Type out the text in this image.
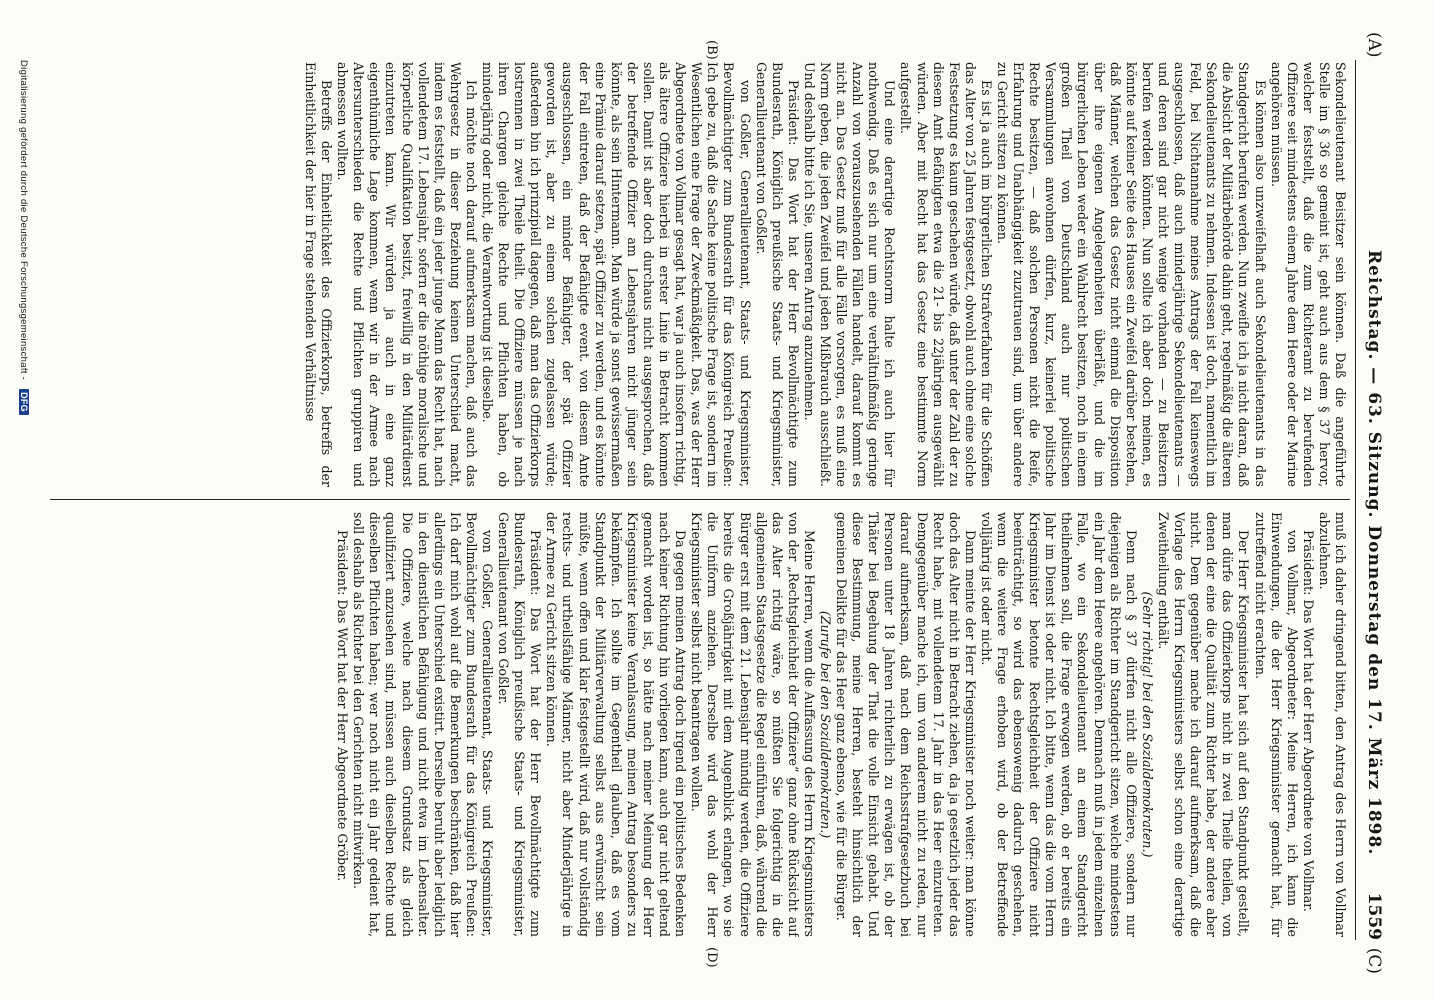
(A)
Reichstag. — 63. Sitzung. Donnerstag den 17. März 1898.
1559
(C)
(B)
(D)

Sekondelieutenant Beisitzer sein können. Daß die angeführte Stelle im § 36 so gemeint ist, geht auch aus dem § 37 hervor, welcher feststellt, daß die zum Richteramt zu berufenden Offiziere seit mindestens einem Jahre dem Heere oder der Marine angehören müssen.

Es können also unzweifelhaft auch Sekondelieutenants in das Standgericht berufen werden. Nun zweifle ich ja nicht daran, daß die Absicht der Militärbehörde dahin geht, regelmäßig die älteren Sekondelieutenants zu nehmen. Indessen ist doch, namentlich im Feld, bei Nichtannahme meines Antrags der Fall keineswegs ausgeschlossen, daß auch minderjährige Sekondelieutenants — und deren sind gar nicht wenige vorhanden — zu Beisitzern berufen werden könnten. Nun sollte ich aber doch meinen, es könnte auf keiner Seite des Hauses ein Zweifel darüber bestehen, daß Männer, welchen das Gesetz nicht einmal die Disposition über ihre eigenen Angelegenheiten überläßt, und die im bürgerlichen Leben weder ein Wahlrecht besitzen, noch in einem großen Theil von Deutschland auch nur politischen Versammlungen anwohnen dürfen, kurz, keinerlei politische Rechte besitzen, — daß solchen Personen nicht die Reife, Erfahrung und Unabhängigkeit zuzutrauen sind, um über andere zu Gericht sitzen zu können.

Es ist ja auch im bürgerlichen Strafverfahren für die Schöffen das Alter von 25 Jahren festgesetzt, obwohl auch ohne eine solche Festsetzung es kaum geschehen würde, daß unter der Zahl der zu diesem Amt Befähigten etwa die 21- bis 22jährigen ausgewählt würden. Aber mit Recht hat das Gesetz eine bestimmte Norm aufgestellt.

Und eine derartige Rechtsnorm halte ich auch hier für nothwendig. Daß es sich nur um eine verhältnißmäßig geringe Anzahl von vorauszusehenden Fällen handelt, darauf kommt es nicht an. Das Gesetz muß für alle Fälle vorsorgen, es muß eine Norm geben, die jeden Zweifel und jeden Mißbrauch ausschließt. Und deshalb bitte ich Sie, unseren Antrag anzunehmen.

Präsident: Das Wort hat der Herr Bevollmächtigte zum Bundesrath, Königlich preußische Staats- und Kriegsminister, Generallieutenant von Goßler.

von Goßler, Generallieutenant, Staats- und Kriegsminister, Bevollmächtigter zum Bundesrath für das Königreich Preußen: Ich gebe zu, daß die Sache keine politische Frage ist, sondern im Wesentlichen eine Frage der Zweckmäßigkeit. Das, was der Herr Abgeordnete von Vollmar gesagt hat, war ja auch insofern richtig, als ältere Offiziere hierbei in erster Linie in Betracht kommen sollen. Damit ist aber doch durchaus nicht ausgesprochen, daß der betreffende Offizier am Lebensjahren nicht jünger sein könnte, als sein Hintermann. Man würde ja sonst gewissermaßen eine Prämie darauf setzen, spät Offizier zu werden, und es könnte der Fall eintreten, daß der Befähigte event. von diesem Amte ausgeschlossen, ein minder Befähigter, der spät Offizier geworden ist, aber zu einem solchen zugelassen würde; außerdem bin ich prinzipiell dagegen, daß man das Offizierkorps lostrennen in zwei Theile theilt. Die Offiziere müssen je nach ihren Chargen gleiche Rechte und Pflichten haben, ob minderjährig oder nicht, die Verantwortung ist dieselbe.

Ich möchte noch darauf aufmerksam machen, daß auch das Wehrgesetz in dieser Beziehung keinen Unterschied macht, indem es feststellt, daß ein jeder junge Mann das Recht hat, nach vollendetem 17. Lebensjahr, sofern er die nöthige moralische und körperliche Qualifikation besitzt, freiwillig in den Militärdienst einzutreten kann. Wir würden ja auch in eine ganz eigenthümliche Lage kommen, wenn wir in der Armee nach Altersunterschieden die Rechte und Pflichten gruppiren und abmessen wollten.

Betreffs der Einheitlichkeit des Offizierkorps, betreffs der Einheitlichkeit der hier in Frage stehenden Verhältnisse

muß ich daher dringend bitten, den Antrag des Herrn von Vollmar abzulehnen.

Präsident: Das Wort hat der Herr Abgeordnete von Vollmar.

von Vollmar, Abgeordneter: Meine Herren, ich kann die Einwendungen, die der Herr Kriegsminister gemacht hat, für zutreffend nicht erachten.

Der Herr Kriegsminister hat sich auf den Standpunkt gestellt, man dürfe das Offizierkorps nicht in zwei Theile theilen, von denen der eine die Qualität zum Richter habe, der andere aber nicht. Dem gegenüber mache ich darauf aufmerksam, daß die Vorlage des Herrn Kriegsministers selbst schon eine derartige Zweitheilung enthält.

(Sehr richtig! bei den Sozialdemokraten.)

Denn nach § 37 dürfen nicht alle Offiziere, sondern nur diejenigen als Richter im Standgericht sitzen, welche mindestens ein Jahr dem Heere angehören. Demnach muß in jedem einzelnen Falle, wo ein Sekondelieutenant an einem Standgericht theilnehmen soll, die Frage erwogen werden, ob er bereits ein Jahr im Dienst ist oder nicht. Ich bitte, wenn das die vom Herrn Kriegsminister betonte Rechtsgleichheit der Offiziere nicht beeinträchtigt, so wird das ebensowenig dadurch geschehen, wenn die weitere Frage erhoben wird, ob der Betreffende volljährig ist oder nicht.

Dann meinte der Herr Kriegsminister noch weiter: man könne doch das Alter nicht in Betracht ziehen, da ja gesetzlich jeder das Recht habe, mit vollendetem 17. Jahr in das Heer einzutreten. Demgegenüber mache ich, um von anderem nicht zu reden, nur darauf aufmerksam, daß nach dem Reichsstrafgesetzbuch bei Personen unter 18 Jahren richterlich zu erwägen ist, ob der Thäter bei Begehung der That die volle Einsicht gehabt. Und diese Bestimmung, meine Herren, besteht hinsichtlich der gemeinen Delikte für das Heer ganz ebenso, wie für die Bürger.

(Zurufe bei den Sozialdemokraten.)

Meine Herren, wenn die Auffassung des Herrn Kriegsministers von der „Rechtsgleichheit der Offiziere“ ganz ohne Rücksicht auf das Alter richtig wäre, so müßten Sie folgerichtig in die allgemeinen Staatsgesetze die Regel einführen, daß, während die Bürger erst mit dem 21. Lebensjahr mündig werden, die Offiziere bereits die Großjährigkeit mit dem Augenblick erlangen, wo sie die Uniform anziehen. Derselbe wird das wohl der Herr Kriegsminister selbst nicht beantragen wollen.

Da gegen meinen Antrag doch irgend ein politisches Bedenken nach keiner Richtung hin vorliegen kann, auch gar nicht geltend gemacht worden ist, so hätte nach meiner Meinung der Herr Kriegsminister keine Veranlassung, meinen Antrag besonders zu bekämpfen. Ich sollte im Gegentheil glauben, daß es vom Standpunkt der Militärverwaltung selbst aus erwünscht sein müßte, wenn offen und klar festgestellt wird, daß nur vollständig rechts- und urtheilsfähige Männer, nicht aber Minderjährige in der Armee zu Gericht sitzen können.

Präsident: Das Wort hat der Herr Bevollmächtigte zum Bundesrath, Königlich preußische Staats- und Kriegsminister, Generallieutenant von Goßler.

von Goßler, Generallieutenant, Staats- und Kriegsminister, Bevollmächtigter zum Bundesrath für das Königreich Preußen: Ich darf mich wohl auf die Bemerkungen beschränken, daß hier allerdings ein Unterschied existirt. Derselbe beruht aber lediglich in den dienstlichen Befähigung und nicht etwa im Lebensalter. Die Offiziere, welche nach diesem Grundsatz als gleich qualifiziert anzusehen sind, müssen auch dieselben Rechte und dieselben Pflichten haben; wer noch nicht ein Jahr gedient hat, soll deshalb als Richter bei den Gerichten nicht mitwirken.

Präsident: Das Wort hat der Herr Abgeordnete Gröber.

Digitalisierung gefördert durch die Deutsche Forschungsgemeinschaft - DFG
